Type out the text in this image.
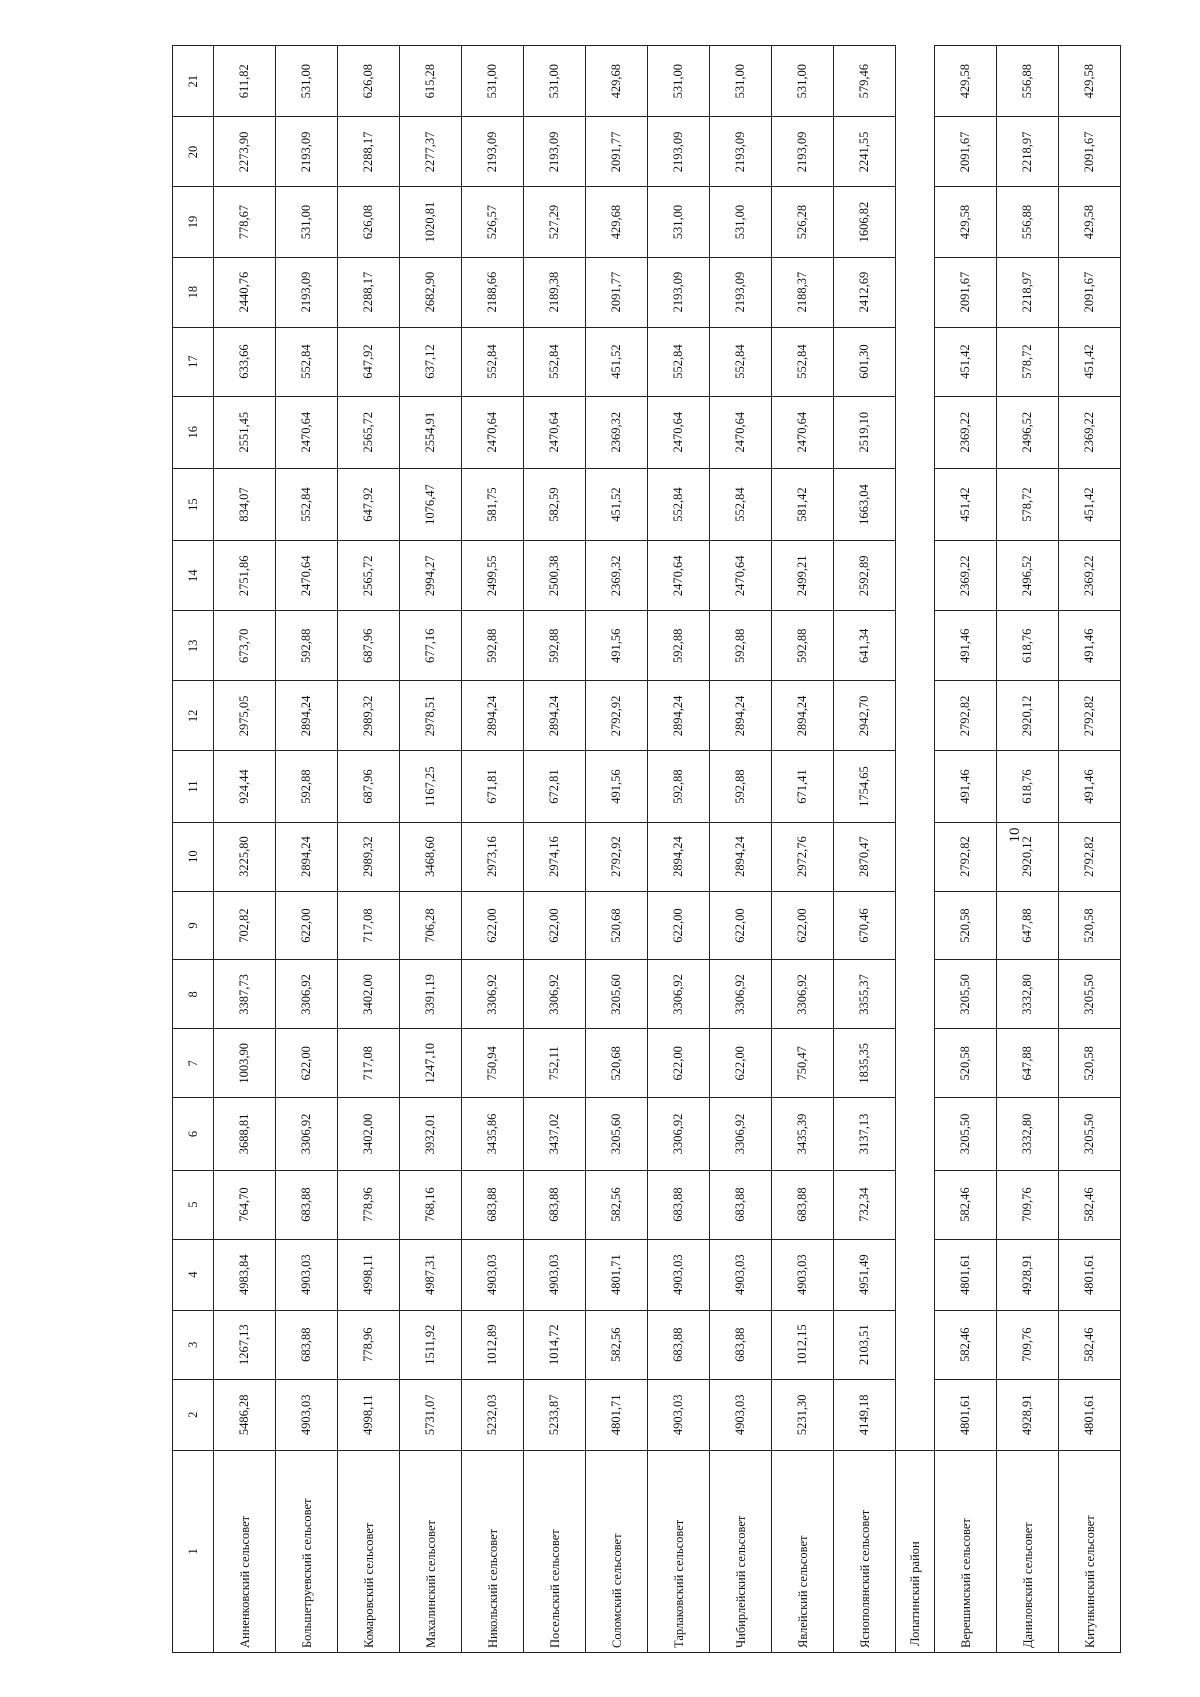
10
1	2	3	4	5	6	7	8	9	10	11	12	13	14	15	16	17	18	19	20	21
Анненковский сельсовет	5486,28	1267,13	4983,84	764,70	3688,81	1003,90	3387,73	702,82	3225,80	924,44	2975,05	673,70	2751,86	834,07	2551,45	633,66	2440,76	778,67	2273,90	611,82
Большетруевский сельсовет	4903,03	683,88	4903,03	683,88	3306,92	622,00	3306,92	622,00	2894,24	592,88	2894,24	592,88	2470,64	552,84	2470,64	552,84	2193,09	531,00	2193,09	531,00
Комаровский сельсовет	4998,11	778,96	4998,11	778,96	3402,00	717,08	3402,00	717,08	2989,32	687,96	2989,32	687,96	2565,72	647,92	2565,72	647,92	2288,17	626,08	2288,17	626,08
Махалинский сельсовет	5731,07	1511,92	4987,31	768,16	3932,01	1247,10	3391,19	706,28	3468,60	1167,25	2978,51	677,16	2994,27	1076,47	2554,91	637,12	2682,90	1020,81	2277,37	615,28
Никольский сельсовет	5232,03	1012,89	4903,03	683,88	3435,86	750,94	3306,92	622,00	2973,16	671,81	2894,24	592,88	2499,55	581,75	2470,64	552,84	2188,66	526,57	2193,09	531,00
Посельский сельсовет	5233,87	1014,72	4903,03	683,88	3437,02	752,11	3306,92	622,00	2974,16	672,81	2894,24	592,88	2500,38	582,59	2470,64	552,84	2189,38	527,29	2193,09	531,00
Соломский сельсовет	4801,71	582,56	4801,71	582,56	3205,60	520,68	3205,60	520,68	2792,92	491,56	2792,92	491,56	2369,32	451,52	2369,32	451,52	2091,77	429,68	2091,77	429,68
Тарлаковский сельсовет	4903,03	683,88	4903,03	683,88	3306,92	622,00	3306,92	622,00	2894,24	592,88	2894,24	592,88	2470,64	552,84	2470,64	552,84	2193,09	531,00	2193,09	531,00
Чибирлейский сельсовет	4903,03	683,88	4903,03	683,88	3306,92	622,00	3306,92	622,00	2894,24	592,88	2894,24	592,88	2470,64	552,84	2470,64	552,84	2193,09	531,00	2193,09	531,00
Явлейский сельсовет	5231,30	1012,15	4903,03	683,88	3435,39	750,47	3306,92	622,00	2972,76	671,41	2894,24	592,88	2499,21	581,42	2470,64	552,84	2188,37	526,28	2193,09	531,00
Яснополянский сельсовет	4149,18	2103,51	4951,49	732,34	3137,13	1835,35	3355,37	670,46	2870,47	1754,65	2942,70	641,34	2592,89	1663,04	2519,10	601,30	2412,69	1606,82	2241,55	579,46
Лопатинский район																				
Верешимский сельсовет	4801,61	582,46	4801,61	582,46	3205,50	520,58	3205,50	520,58	2792,82	491,46	2792,82	491,46	2369,22	451,42	2369,22	451,42	2091,67	429,58	2091,67	429,58
Даниловский сельсовет	4928,91	709,76	4928,91	709,76	3332,80	647,88	3332,80	647,88	2920,12	618,76	2920,12	618,76	2496,52	578,72	2496,52	578,72	2218,97	556,88	2218,97	556,88
Китункинский сельсовет	4801,61	582,46	4801,61	582,46	3205,50	520,58	3205,50	520,58	2792,82	491,46	2792,82	491,46	2369,22	451,42	2369,22	451,42	2091,67	429,58	2091,67	429,58
